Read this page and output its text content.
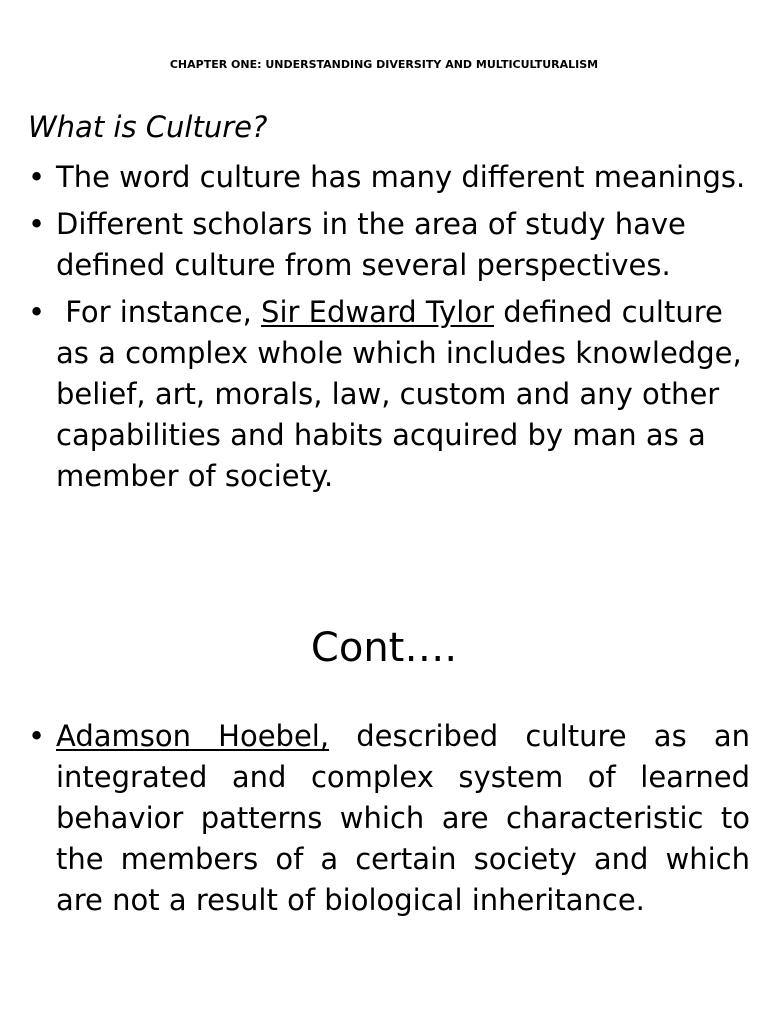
CHAPTER ONE: UNDERSTANDING DIVERSITY AND MULTICULTURALISM
What is Culture?
• The word culture has many different meanings.
• Different scholars in the area of study have defined culture from several perspectives.
• For instance, Sir Edward Tylor defined culture as a complex whole which includes knowledge, belief, art, morals, law, custom and any other capabilities and habits acquired by man as a member of society.
Cont….
• Adamson Hoebel, described culture as an integrated and complex system of learned behavior patterns which are characteristic to the members of a certain society and which are not a result of biological inheritance.
